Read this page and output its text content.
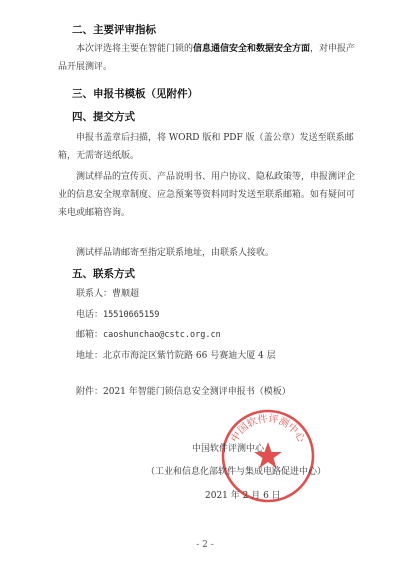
二、主要评审指标
本次评选将主要在智能门锁的信息通信安全和数据安全方面，对申报产品开展测评。
三、申报书模板（见附件）
四、提交方式
申报书盖章后扫描，将 WORD 版和 PDF 版（盖公章）发送至联系邮箱，无需寄送纸版。
测试样品的宣传页、产品说明书、用户协议、隐私政策等，申报测评企业的信息安全规章制度、应急预案等资料同时发送至联系邮箱。如有疑问可来电或邮箱咨询。
测试样品请邮寄至指定联系地址，由联系人接收。
五、联系方式
联系人：曹顺超
电话：15510665159
邮箱：caoshunchao@cstc.org.cn
地址：北京市海淀区紫竹院路 66 号赛迪大厦 4 层
附件：2021 年智能门锁信息安全测评申报书（模板）
中国软件评测中心
中国软件评测中心
（工业和信息化部软件与集成电路促进中心）
2021 年 2 月 6 日
- 2 -
